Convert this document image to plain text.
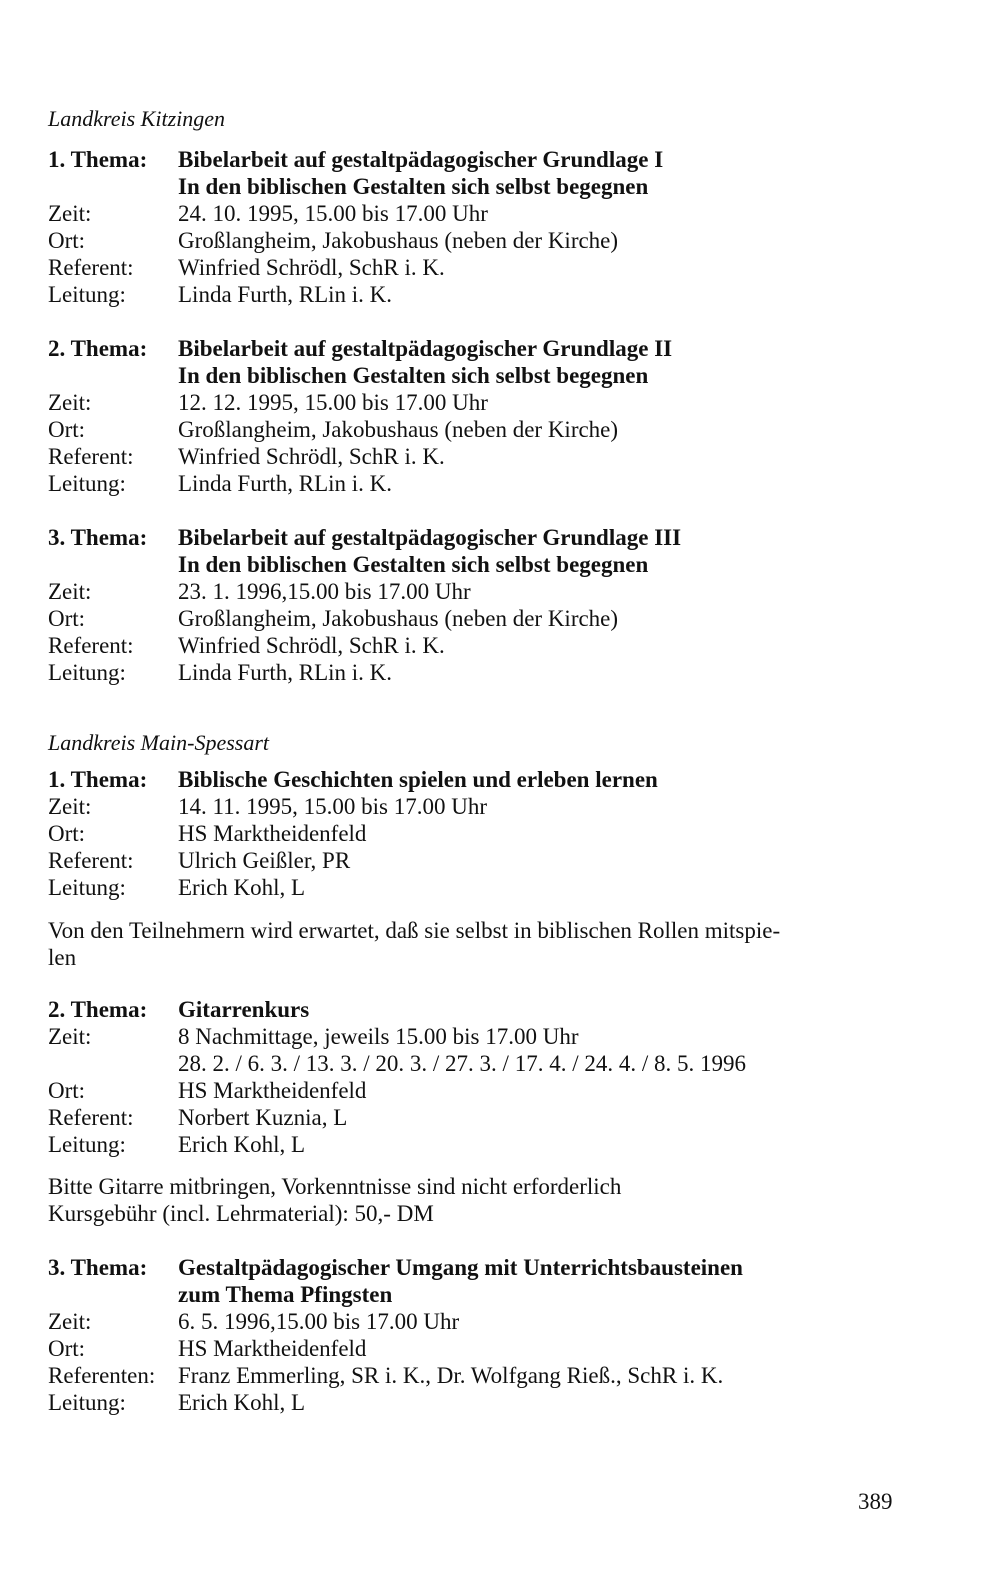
Landkreis Kitzingen
1. Thema:	Bibelarbeit auf gestaltpädagogischer Grundlage I
In den biblischen Gestalten sich selbst begegnen
Zeit:	24. 10. 1995, 15.00 bis 17.00 Uhr
Ort:	Großlangheim, Jakobushaus (neben der Kirche)
Referent:	Winfried Schrödl, SchR i. K.
Leitung:	Linda Furth, RLin i. K.
2. Thema:	Bibelarbeit auf gestaltpädagogischer Grundlage II
In den biblischen Gestalten sich selbst begegnen
Zeit:	12. 12. 1995, 15.00 bis 17.00 Uhr
Ort:	Großlangheim, Jakobushaus (neben der Kirche)
Referent:	Winfried Schrödl, SchR i. K.
Leitung:	Linda Furth, RLin i. K.
3. Thema:	Bibelarbeit auf gestaltpädagogischer Grundlage III
In den biblischen Gestalten sich selbst begegnen
Zeit:	23. 1. 1996,15.00 bis 17.00 Uhr
Ort:	Großlangheim, Jakobushaus (neben der Kirche)
Referent:	Winfried Schrödl, SchR i. K.
Leitung:	Linda Furth, RLin i. K.
Landkreis Main-Spessart
1. Thema:	Biblische Geschichten spielen und erleben lernen
Zeit:	14. 11. 1995, 15.00 bis 17.00 Uhr
Ort:	HS Marktheidenfeld
Referent:	Ulrich Geißler, PR
Leitung:	Erich Kohl, L
Von den Teilnehmern wird erwartet, daß sie selbst in biblischen Rollen mitspie-
len
2. Thema:	Gitarrenkurs
Zeit:	8 Nachmittage, jeweils 15.00 bis 17.00 Uhr
28. 2. / 6. 3. / 13. 3. / 20. 3. / 27. 3. / 17. 4. / 24. 4. / 8. 5. 1996
Ort:	HS Marktheidenfeld
Referent:	Norbert Kuznia, L
Leitung:	Erich Kohl, L
Bitte Gitarre mitbringen, Vorkenntnisse sind nicht erforderlich
Kursgebühr (incl. Lehrmaterial): 50,- DM
3. Thema:	Gestaltpädagogischer Umgang mit Unterrichtsbausteinen
zum Thema Pfingsten
Zeit:	6. 5. 1996,15.00 bis 17.00 Uhr
Ort:	HS Marktheidenfeld
Referenten: Franz Emmerling, SR i. K., Dr. Wolfgang Rieß., SchR i. K.
Leitung:	Erich Kohl, L
389
